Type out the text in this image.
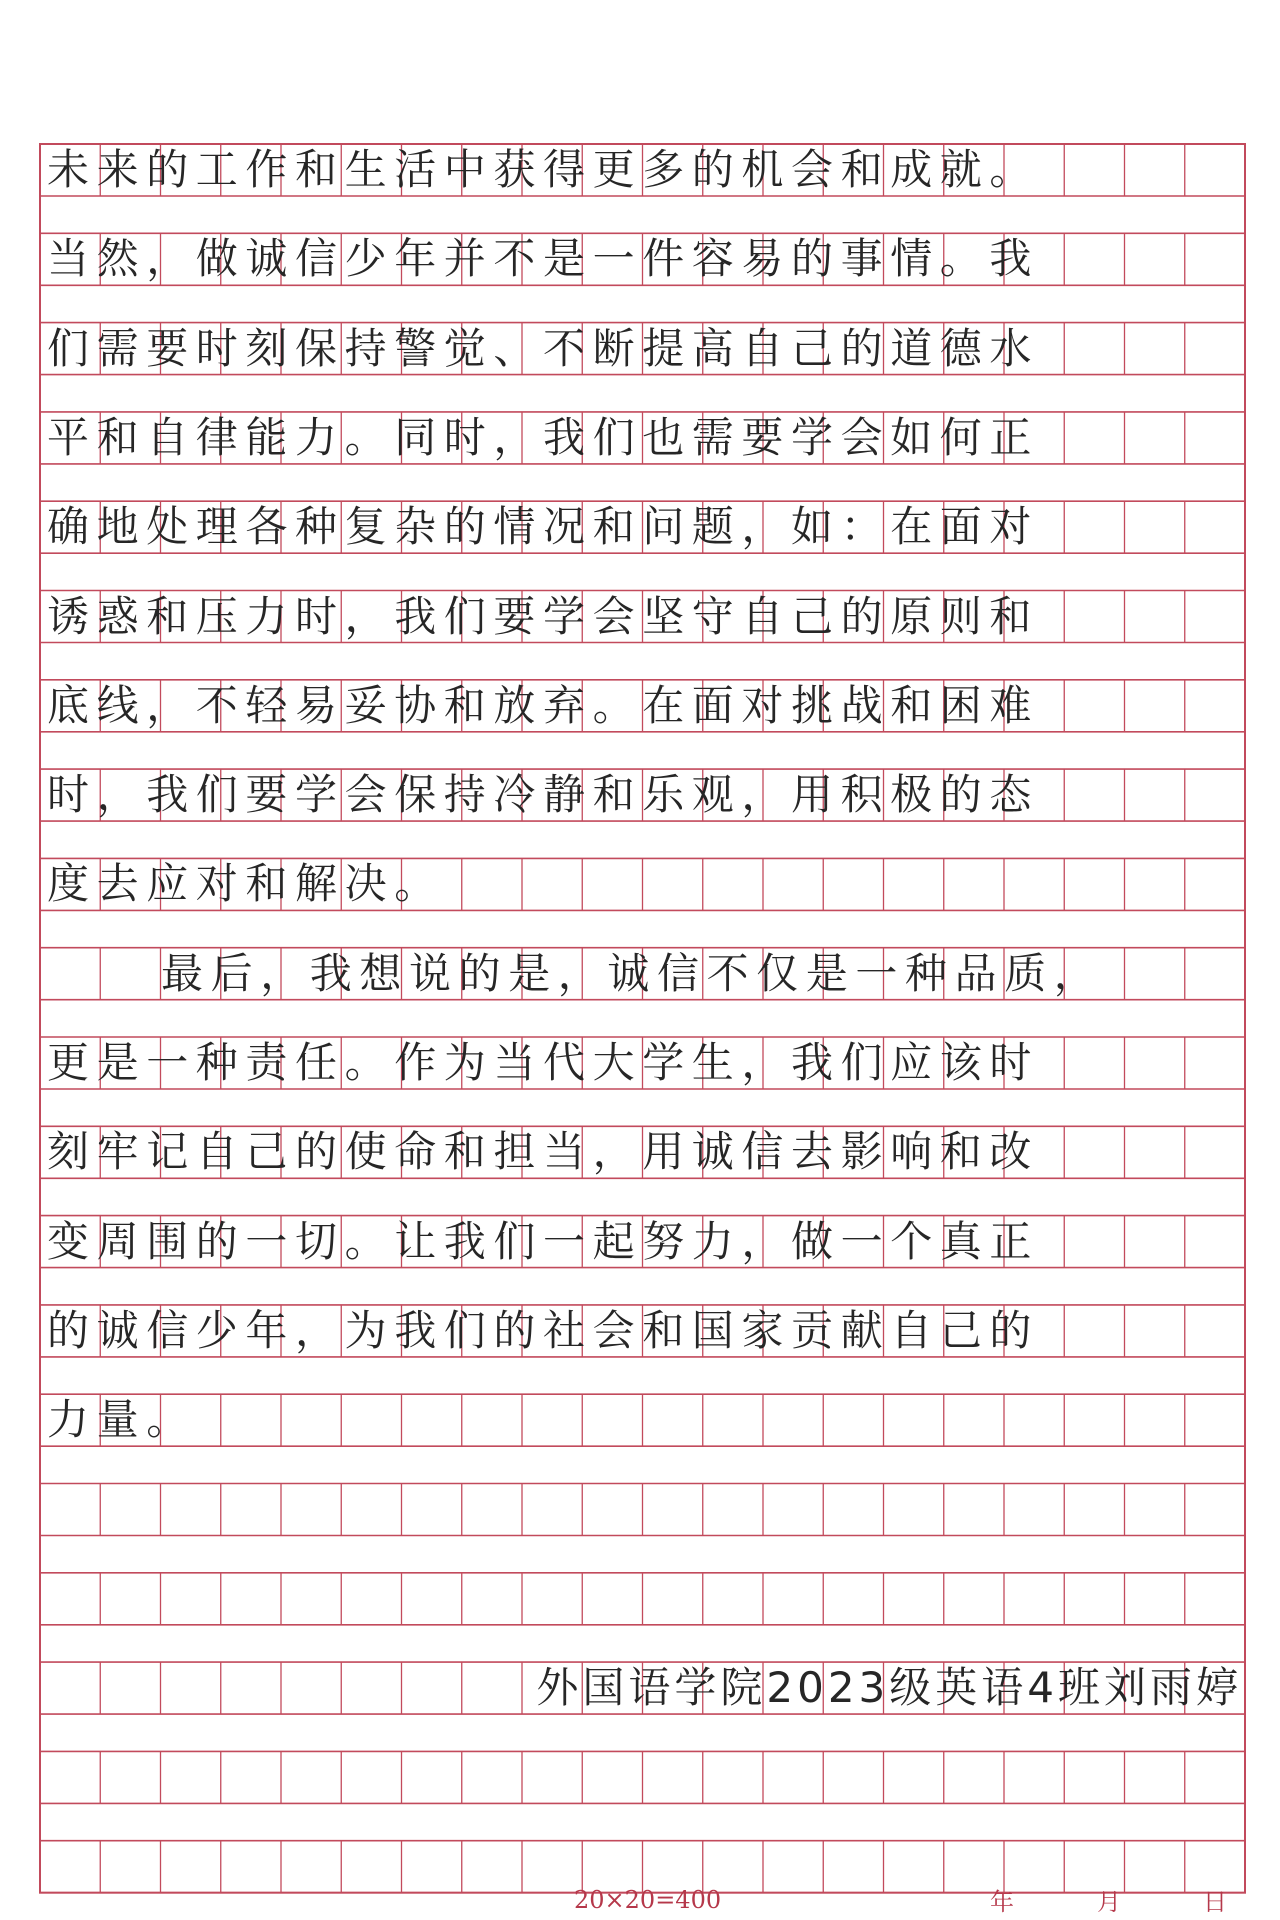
未来的工作和生活中获得更多的机会和成就。
当然，做诚信少年并不是一件容易的事情。我
们需要时刻保持警觉、不断提高自己的道德水
平和自律能力。同时，我们也需要学会如何正
确地处理各种复杂的情况和问题，如：在面对
诱惑和压力时，我们要学会坚守自己的原则和
底线，不轻易妥协和放弃。在面对挑战和困难
时，我们要学会保持冷静和乐观，用积极的态
度去应对和解决。
最后，我想说的是，诚信不仅是一种品质，
更是一种责任。作为当代大学生，我们应该时
刻牢记自己的使命和担当，用诚信去影响和改
变周围的一切。让我们一起努力，做一个真正
的诚信少年，为我们的社会和国家贡献自己的
力量。
外国语学院2023级英语4班刘雨婷
20×20=400	年	月	日
